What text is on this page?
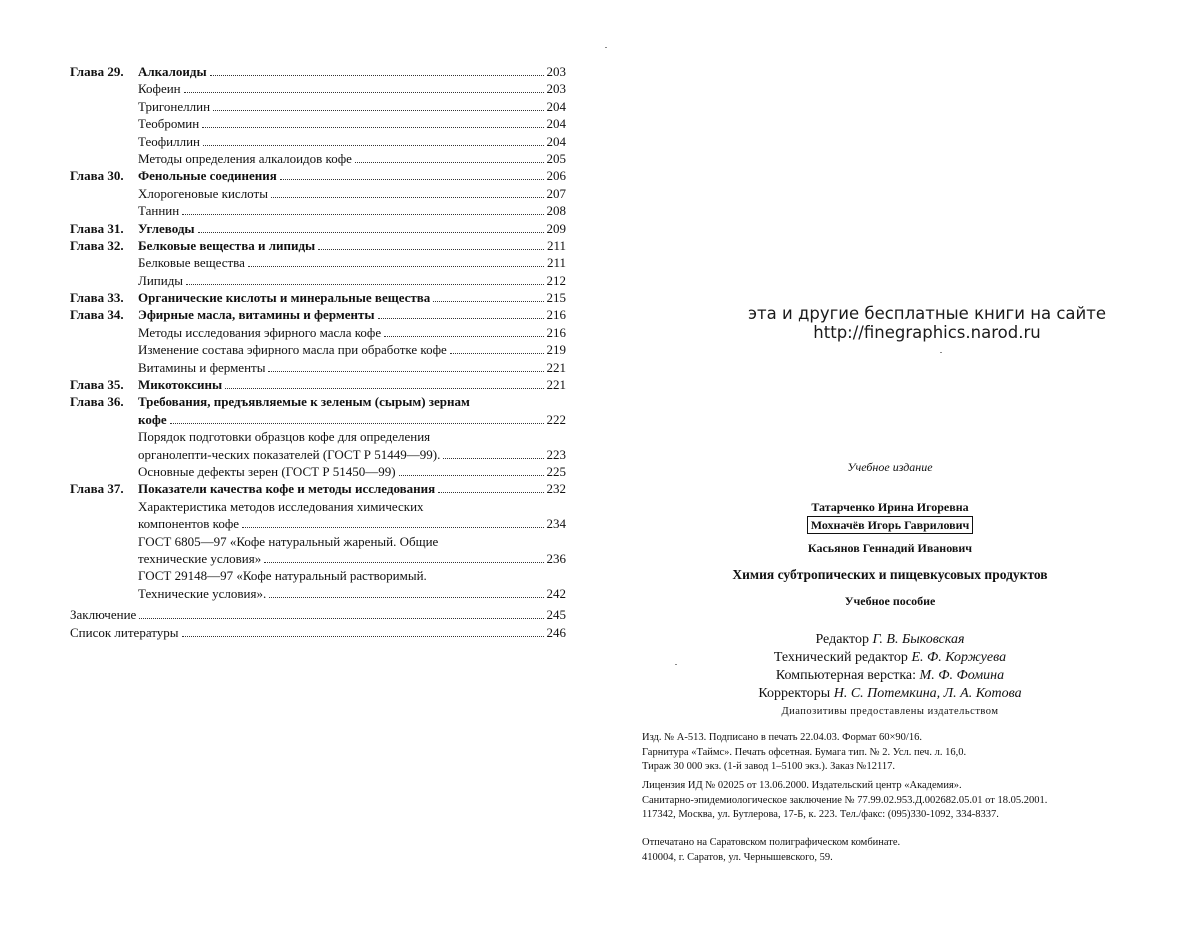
Глава 29.	Алкалоиды	203
Кофеин	203
Тригонеллин	204
Теобромин	204
Теофиллин	204
Методы определения алкалоидов кофе	205
Глава 30.	Фенольные соединения	206
Хлорогеновые кислоты	207
Таннин	208
Глава 31.	Углеводы	209
Глава 32.	Белковые вещества и липиды	211
Белковые вещества	211
Липиды	212
Глава 33.	Органические кислоты и минеральные вещества	215
Глава 34.	Эфирные масла, витамины и ферменты	216
Методы исследования эфирного масла кофе	216
Изменение состава эфирного масла при обработке кофе	219
Витамины и ферменты	221
Глава 35.	Микотоксины	221
Глава 36.	Требования, предъявляемые к зеленым (сырым) зернам
кофе	222
Порядок подготовки образцов кофе для определения
органолепти-ческих показателей (ГОСТ Р 51449—99).	223
Основные дефекты зерен (ГОСТ Р 51450—99)	225
Глава 37.	Показатели качества кофе и методы исследования	232
Характеристика методов исследования химических
компонентов кофе	234
ГОСТ 6805—97 «Кофе натуральный жареный. Общие
технические условия»	236
ГОСТ 29148—97 «Кофе натуральный растворимый.
Технические условия».	242
Заключение	245
Список литературы	246
эта и другие бесплатные книги на сайте
http://finegraphics.narod.ru
Учебное издание
Татарченко Ирина Игоревна
Мохначёв Игорь Гаврилович
Касьянов Геннадий Иванович
Химия субтропических и пищевкусовых продуктов
Учебное пособие
Редактор Г. В. Быковская
Технический редактор Е. Ф. Коржуева
Компьютерная верстка: М. Ф. Фомина
Корректоры Н. С. Потемкина, Л. А. Котова
Диапозитивы предоставлены издательством
Изд. № А-513. Подписано в печать 22.04.03. Формат 60×90/16.
Гарнитура «Таймс». Печать офсетная. Бумага тип. № 2. Усл. печ. л. 16,0.
Тираж 30 000 экз. (1-й завод 1–5100 экз.). Заказ №12117.
Лицензия ИД № 02025 от 13.06.2000. Издательский центр «Академия».
Санитарно-эпидемиологическое заключение № 77.99.02.953.Д.002682.05.01 от 18.05.2001.
117342, Москва, ул. Бутлерова, 17-Б, к. 223. Тел./факс: (095)330-1092, 334-8337.
Отпечатано на Саратовском полиграфическом комбинате.
410004, г. Саратов, ул. Чернышевского, 59.
